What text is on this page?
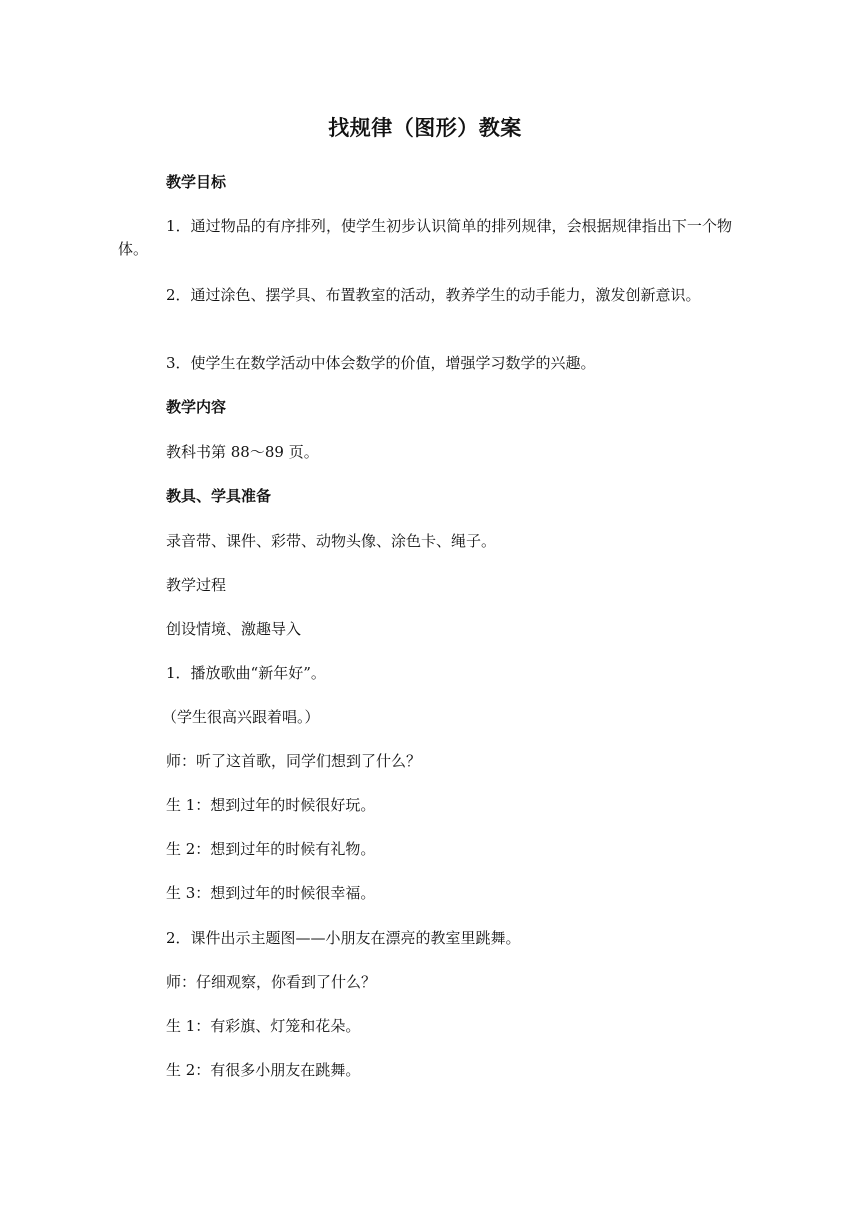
找规律（图形）教案

教学目标

1．通过物品的有序排列，使学生初步认识简单的排列规律，会根据规律指出下一个物体。

2．通过涂色、摆学具、布置教室的活动，教养学生的动手能力，激发创新意识。

3．使学生在数学活动中体会数学的价值，增强学习数学的兴趣。

教学内容

教科书第 88～89 页。

教具、学具准备

录音带、课件、彩带、动物头像、涂色卡、绳子。

教学过程

创设情境、激趣导入

1．播放歌曲“新年好”。

（学生很高兴跟着唱。）

师：听了这首歌，同学们想到了什么？

生 1：想到过年的时候很好玩。

生 2：想到过年的时候有礼物。

生 3：想到过年的时候很幸福。

2．课件出示主题图——小朋友在漂亮的教室里跳舞。

师：仔细观察，你看到了什么？

生 1：有彩旗、灯笼和花朵。

生 2：有很多小朋友在跳舞。
